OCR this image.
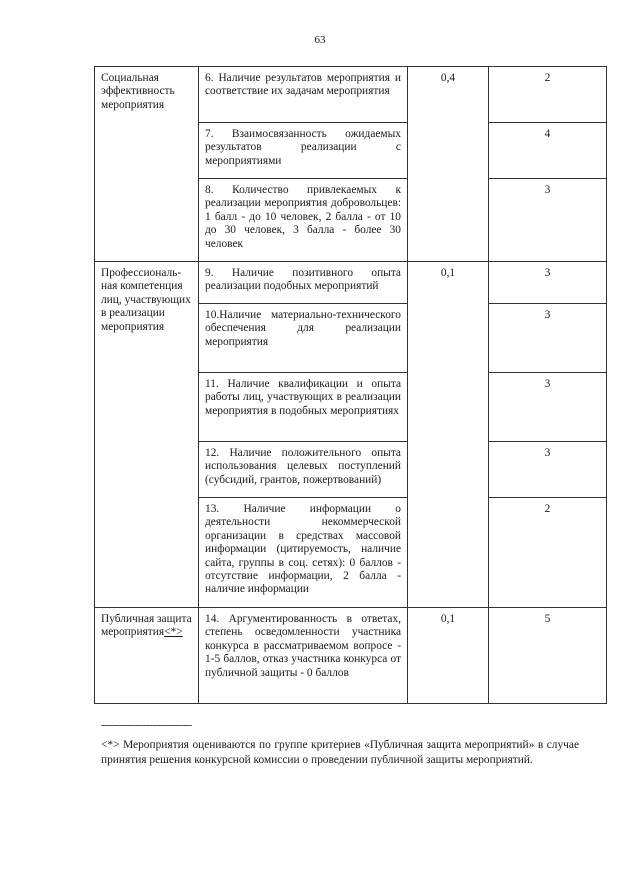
63
Социальная эффективность мероприятия	6. Наличие результатов мероприятия и соответствие их задачам мероприятия	0,4	2
	7. Взаимосвязанность ожидаемых результатов реализации с мероприятиями		4
	8. Количество привлекаемых к реализации мероприятия добровольцев: 1 балл - до 10 человек, 2 балла - от 10 до 30 человек, 3 балла - более 30 человек		3
Профессиональ-ная компетенция лиц, участвующих в реализации мероприятия	9. Наличие позитивного опыта реализации подобных мероприятий	0,1	3
	10.Наличие материально-технического обеспечения для реализации мероприятия		3
	11. Наличие квалификации и опыта работы лиц, участвующих в реализации мероприятия в подобных мероприятиях		3
	12. Наличие положительного опыта использования целевых поступлений (субсидий, грантов, пожертвований)		3
	13. Наличие информации о деятельности некоммерческой организации в средствах массовой информации (цитируемость, наличие сайта, группы в соц. сетях): 0 баллов - отсутствие информации, 2 балла - наличие информации		2
Публичная защита мероприятия<*>	14. Аргументированность в ответах, степень осведомленности участника конкурса в рассматриваемом вопросе - 1-5 баллов, отказ участника конкурса от публичной защиты - 0 баллов	0,1	5
--------------------------------
<*> Мероприятия оцениваются по группе критериев «Публичная защита мероприятий» в случае принятия решения конкурсной комиссии о проведении публичной защиты мероприятий.
